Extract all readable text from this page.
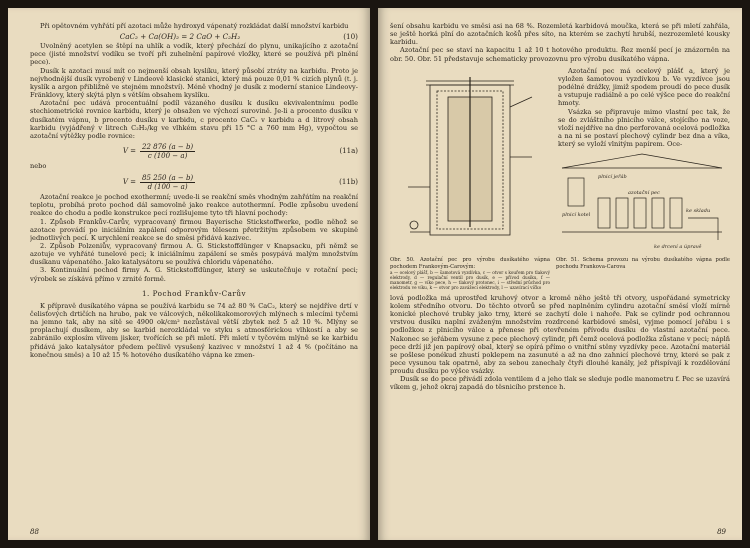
Při opětovném vyhřátí pří azotaci může hydroxyd vápenatý rozkládat další množství karbidu

CaC₂ + Ca(OH)₂ = 2 CaO + C₂H₂	(10)

Uvolněný acetylen se štěpí na uhlík a vodík, který přechází do plynu, unikajícího z azotační pece (jisté množství vodíku se tvoří při zuhelnění papírové vložky, které se používá při plnění pece).

Dusík k azotaci musí mít co nejmenší obsah kyslíku, který působí ztráty na karbidu. Proto je nejvhodnější dusík vyrobený v Lindeově klasické stanici, který má pouze 0,01 % cizích plynů (t. j. kyslík a argon přibližně ve stejném množství). Méně vhodný je dusík z moderní stanice Lindeovy-Fränklovy, který skýtá plyn s větším obsahem kyslíku.

Azotační pec udává procentuální podíl vázaného dusíku k dusíku ekvivalentnímu podle stechiometrické rovnice karbidu, který je obsažen ve výchozí surovině. Je-li a procento dusíku v dusíkatém vápnu, b procento dusíku v karbidu, c procento CaC₂ v karbidu a d litrový obsah karbidu (vyjádřený v litrech C₂H₂/kg ve vlhkém stavu při 15 °C a 760 mm Hg), vypočtou se azotační výtěžky podle rovnice:

$V = \frac{22 876 (a - b)}{c (100 - a)}$	(11a)
nebo
$V = \frac{85 250 (a - b)}{d (100 - a)}$	(11b)

Azotační reakce je pochod exothermní; uvede-li se reakční směs vhodným zahřátím na reakční teplotu, probíhá proto pochod dál samovolně jako reakce autothermní. Podle způsobu uvedení reakce do chodu a podle konstrukce pecí rozlišujeme tyto tři hlavní pochody:

1. Způsob Frankův-Carův, vypracovaný firmou Bayerische Stickstoffwerke, podle něhož se azotace provádí po iniciálním zapálení odporovým tělesem přetržitým způsobem ve skupině jednotlivých pecí. K urychlení reakce se do směsi přidává kazivec.

2. Způsob Polzeniův, vypracovaný firmou A. G. Stickstoffdünger v Knapsacku, při němž se azotuje ve vyhřáté tunelové peci; k iniciálnímu zapálení se směs posypává malým množstvím dusíkanu vápenatého. Jako katalysátoru se používá chloridu vápenatého.

3. Kontinuální pochod firmy A. G. Stickstoffdünger, který se uskutečňuje v rotační peci; výrobek se získává přímo v zrnité formě.

1. Pochod Frankův-Carův

K přípravě dusíkatého vápna se používá karbidu se 74 až 80 % CaC₂, který se nejdříve drtí v čelisťových drtičích na hrubo, pak ve válcových, několikakomorových mlýnech s mlecími tyčemi na jemno tak, aby na sítě se 4900 ok/cm² nezůstával větší zbytek než 5 až 10 %. Mlýny se proplachují dusíkem, aby se karbid nerozkládal ve styku s atmosférickou vlhkostí a aby se zabránilo explosím vlivem jisker, tvořících se při mletí. Při mletí v tyčovém mlýně se ke karbidu přidává jako katalysátor předem pečlivě vysušený kazivec v množství 1 až 4 % (počítáno na konečnou směs) a 10 až 15 % hotového dusíkatého vápna ke zmen-

88

šení obsahu karbidu ve směsi asi na 68 %. Rozemletá karbidová moučka, která se při mletí zahřála, se ještě horká plní do azotačních košů přes síto, na kterém se zachytí hrubší, nezrozemleté kousky karbidu.

Azotační pec se staví na kapacitu 1 až 10 t hotového produktu. Řez menší pecí je znázorněn na obr. 50. Obr. 51 představuje schematicky provozovnu pro výrobu dusíkatého vápna.

Azotační pec má ocelový plášť a, který je vyložen šamotovou vyzdívkou b. Ve vyzdívce jsou podélné drážky, jimiž spodem proudí do pece dusík a vstupuje radiálně a po celé výšce pece do reakční hmoty.

Vsázka se připravuje mimo vlastní pec tak, že se do zvláštního plnicího válce, stojícího na voze, vloží nejdříve na dno perforovaná ocelová podložka a na ni se postaví plechový cylindr bez dna a víka, který se vyloží vlnitým papírem. Oce-

plnicí jeřáb
plnicí kotel
azotační pec
ke skladu
ke drcení a úpravě
Obr. 50. Azotační pec pro výrobu dusíkatého vápna pochodem Frankovým-Carovým:
a — ocelový plášť, b — šamotová vyzdívka, c — otvor s kouřem pro tlakový elektrody, d — regulační ventil pro dusík, e — přívod dusíku, f — manometr, g — víko pece, h — tlakový protonec, i — střední průchod pro elektrodu ve víku, k — otvor pro zavážecí elektrody, l — uzavírací víčko
Obr. 51. Schema provozu na výrobu dusíkatého vápna podle pochodu Frankova-Carova

lová podložka má uprostřed kruhový otvor a kromě něho ještě tři otvory, uspořádané symetricky kolem středního otvoru. Do těchto otvorů se před naplněním cylindru azotační směsí vloží mírně konické plechové trubky jako trny, které se zachytí dole i nahoře. Pak se cylindr pod ochrannou vrstvou dusíku naplní zváženým množstvím rozdrcené karbidové směsi, vyjme pomocí jeřábu i s podložkou z plnicího válce a přenese při otevřeném přívodu dusíku do vlastní azotační pece. Nakonec se jeřábem vysune z pece plechový cylindr, při čemž ocelová podložka zůstane v peci; náplň pece drží již jen papírový obal, který se opírá přímo o vnitřní stěny vyzdívky pece. Azotační materiál se pošlese ponékud zhustí poklepem na zasunuté a až na dno zahnicí plechové trny, které se pak z pece vysunou tak opatrně, aby za sebou zanechaly čtyři dlouhé kanály, jež přispívají k rozdělování proudu dusíku po výšce vsázky.

Dusík se do pece přivádí zdola ventilem d a jeho tlak se sleduje podle manometru f. Pec se uzavírá víkem g, jehož okraj zapadá do těsnicího prstence h.

89
